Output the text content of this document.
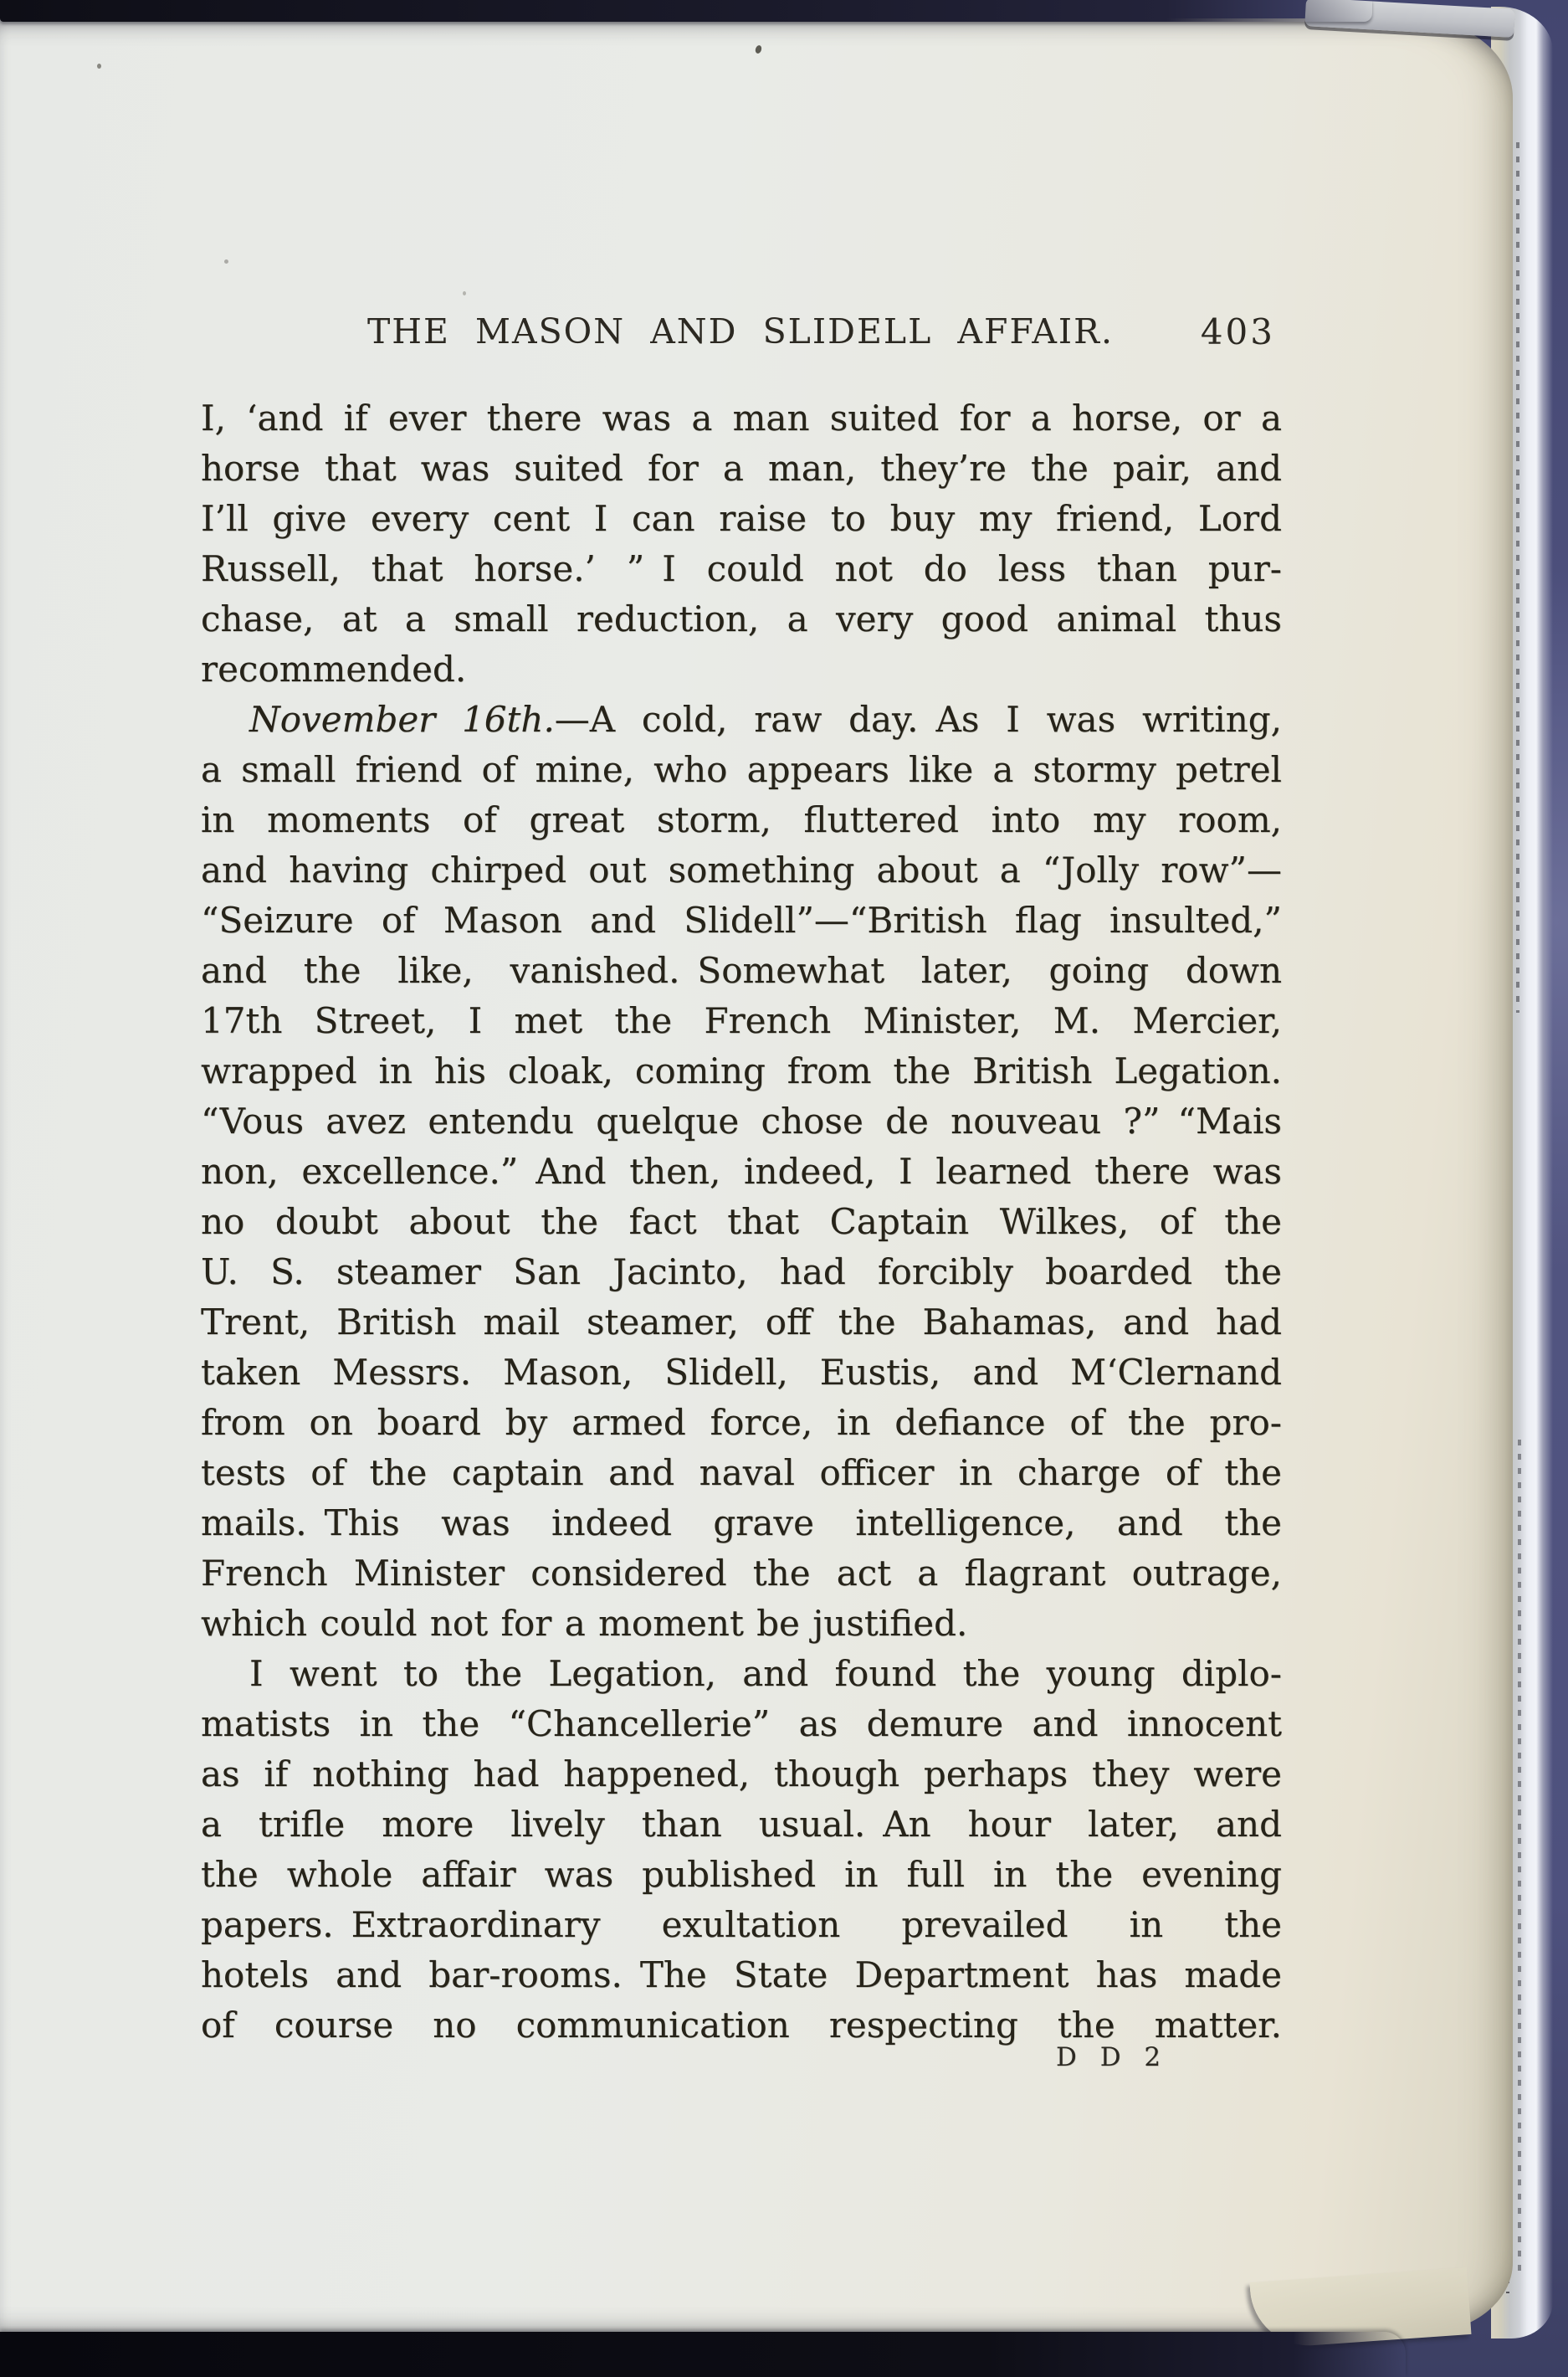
THE MASON AND SLIDELL AFFAIR.	403
I, ‘and if ever there was a man suited for a horse, or a
horse that was suited for a man, they’re the pair, and
I’ll give every cent I can raise to buy my friend, Lord
Russell, that horse.’ ” I could not do less than pur-
chase, at a small reduction, a very good animal thus
recommended.
November 16th.—A cold, raw day. As I was writing,
a small friend of mine, who appears like a stormy petrel
in moments of great storm, fluttered into my room,
and having chirped out something about a “Jolly row”—
“Seizure of Mason and Slidell”—“British flag insulted,”
and the like, vanished. Somewhat later, going down
17th Street, I met the French Minister, M. Mercier,
wrapped in his cloak, coming from the British Legation.
“Vous avez entendu quelque chose de nouveau ?” “Mais
non, excellence.” And then, indeed, I learned there was
no doubt about the fact that Captain Wilkes, of the
U. S. steamer San Jacinto, had forcibly boarded the
Trent, British mail steamer, off the Bahamas, and had
taken Messrs. Mason, Slidell, Eustis, and M‘Clernand
from on board by armed force, in defiance of the pro-
tests of the captain and naval officer in charge of the
mails. This was indeed grave intelligence, and the
French Minister considered the act a flagrant outrage,
which could not for a moment be justified.
I went to the Legation, and found the young diplo-
matists in the “Chancellerie” as demure and innocent
as if nothing had happened, though perhaps they were
a trifle more lively than usual. An hour later, and
the whole affair was published in full in the evening
papers. Extraordinary exultation prevailed in the
hotels and bar-rooms. The State Department has made
of course no communication respecting the matter.
D D 2
